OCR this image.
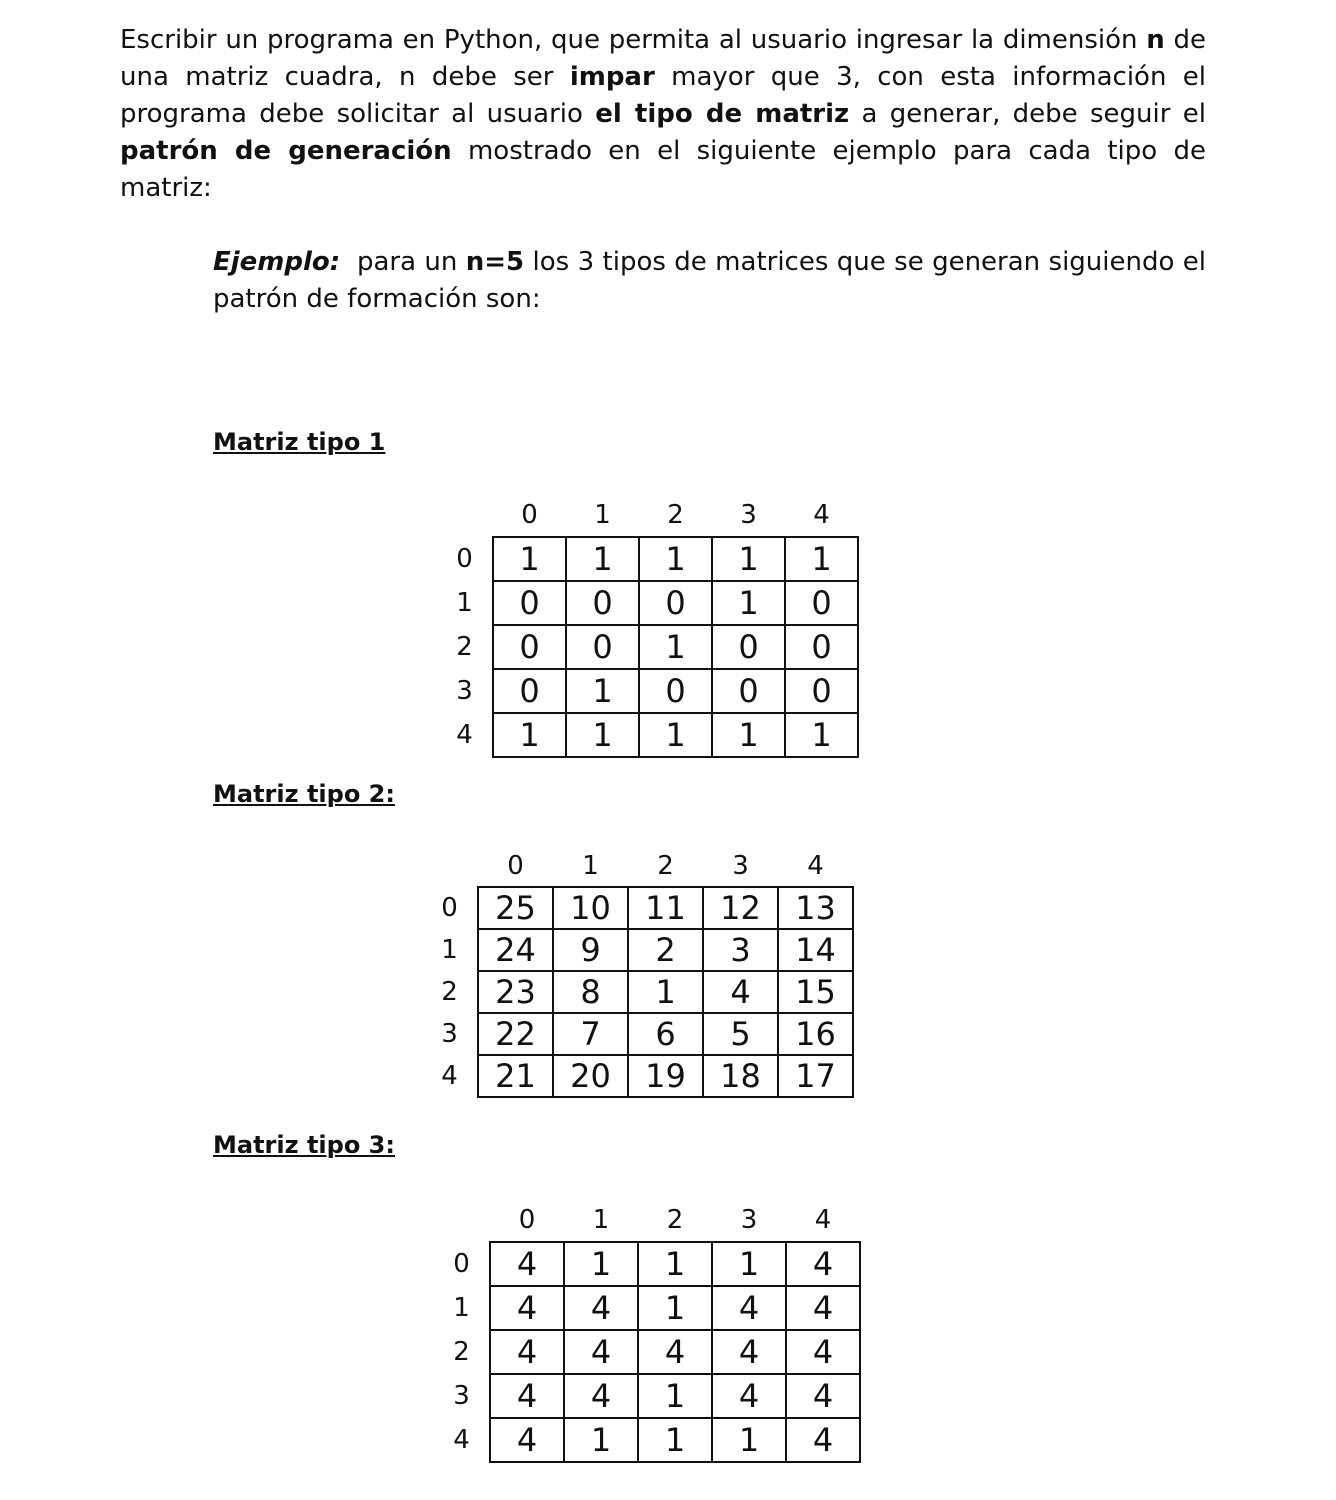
Escribir un programa en Python, que permita al usuario ingresar la dimensión n de una matriz cuadra, n debe ser impar mayor que 3, con esta información el programa debe solicitar al usuario el tipo de matriz a generar, debe seguir el patrón de generación mostrado en el siguiente ejemplo para cada tipo de matriz:

Ejemplo:  para un n=5 los 3 tipos de matrices que se generan siguiendo el patrón de formación son:

Matriz tipo 1
	0	1	2	3	4
0	1	1	1	1	1
1	0	0	0	1	0
2	0	0	1	0	0
3	0	1	0	0	0
4	1	1	1	1	1
Matriz tipo 2:
	0	1	2	3	4
0	25	10	11	12	13
1	24	9	2	3	14
2	23	8	1	4	15
3	22	7	6	5	16
4	21	20	19	18	17
Matriz tipo 3:
	0	1	2	3	4
0	4	1	1	1	4
1	4	4	1	4	4
2	4	4	4	4	4
3	4	4	1	4	4
4	4	1	1	1	4
